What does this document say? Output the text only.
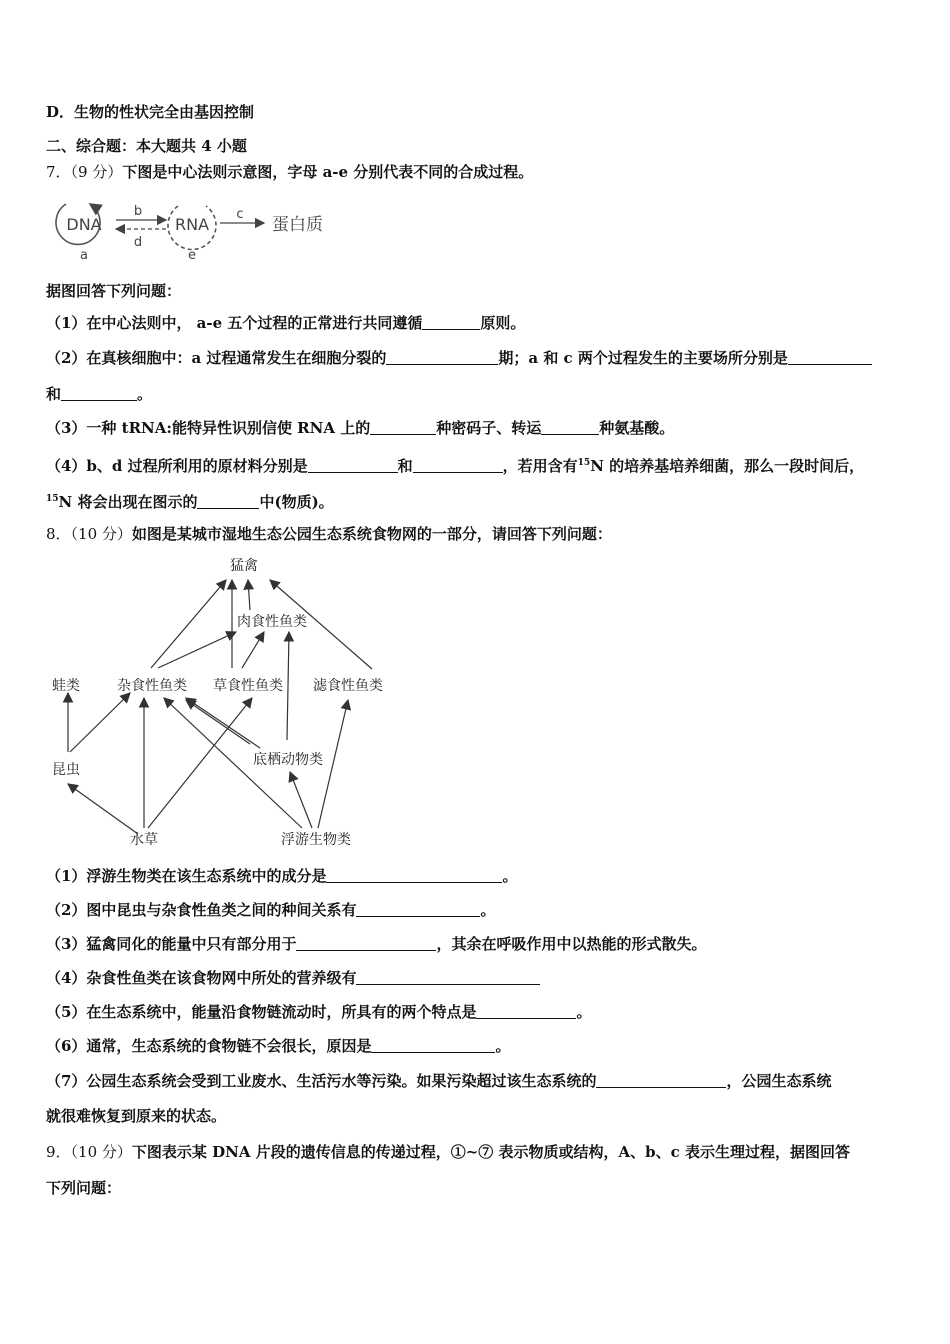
D．生物的性状完全由基因控制
二、综合题：本大题共 4 小题
7．（9 分）下图是中心法则示意图，字母 a-e 分别代表不同的合成过程。
DNA
a
b
d
RNA
e
c
蛋白质
据图回答下列问题：
（1）在中心法则中， a-e 五个过程的正常进行共同遵循	原则。
（2）在真核细胞中：a 过程通常发生在细胞分裂的	期；a 和 c 两个过程发生的主要场所分别是
和	。
（3）一种 tRNA:能特异性识别信使 RNA 上的	种密码子、转运	种氨基酸。
（4）b、d 过程所利用的原材料分别是	和	，若用含有$^{15}$N 的培养基培养细菌，那么一段时间后，
$^{15}$N 将会出现在图示的	中(物质)。
8．（10 分）如图是某城市湿地生态公园生态系统食物网的一部分，请回答下列问题：
猛禽
肉食性鱼类
蛙类	杂食性鱼类 草食性鱼类 滤食性鱼类
昆虫
底栖动物类
水草	浮游生物类
（1）浮游生物类在该生态系统中的成分是	。
（2）图中昆虫与杂食性鱼类之间的种间关系有	。
（3）猛禽同化的能量中只有部分用于	，其余在呼吸作用中以热能的形式散失。
（4）杂食性鱼类在该食物网中所处的营养级有
（5）在生态系统中，能量沿食物链流动时，所具有的两个特点是	。
（6）通常，生态系统的食物链不会很长，原因是	。
（7）公园生态系统会受到工业废水、生活污水等污染。如果污染超过该生态系统的	，公园生态系统
就很难恢复到原来的状态。
9．（10 分）下图表示某 DNA 片段的遗传信息的传递过程，①~⑦ 表示物质或结构，A、b、c 表示生理过程，据图回答
下列问题：
